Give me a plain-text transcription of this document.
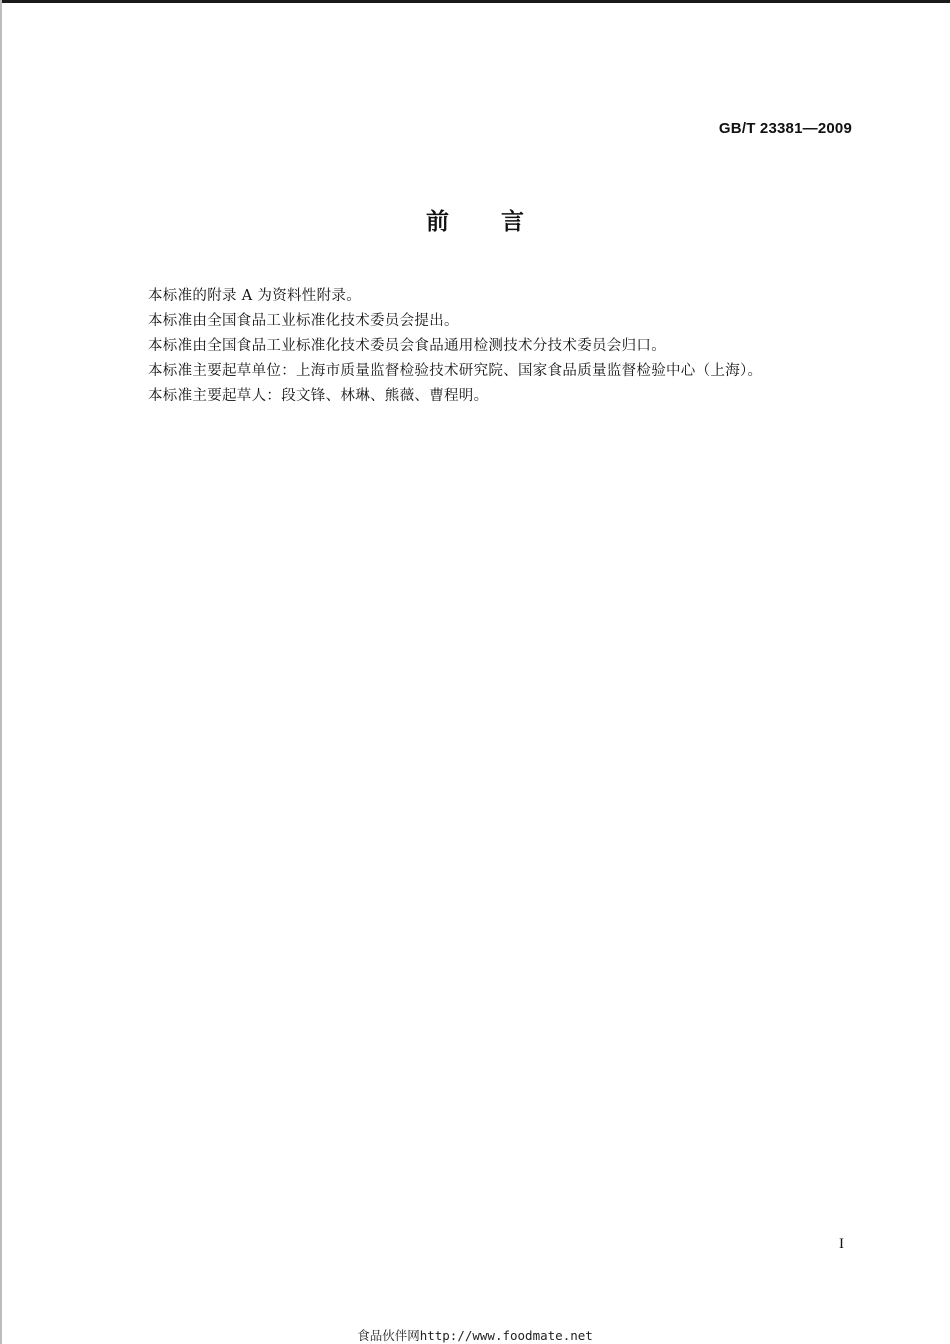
GB/T 23381—2009
前言
本标准的附录 A 为资料性附录。
本标准由全国食品工业标准化技术委员会提出。
本标准由全国食品工业标准化技术委员会食品通用检测技术分技术委员会归口。
本标准主要起草单位：上海市质量监督检验技术研究院、国家食品质量监督检验中心（上海）。
本标准主要起草人：段文锋、林琳、熊薇、曹程明。
I
食品伙伴网http://www.foodmate.net
